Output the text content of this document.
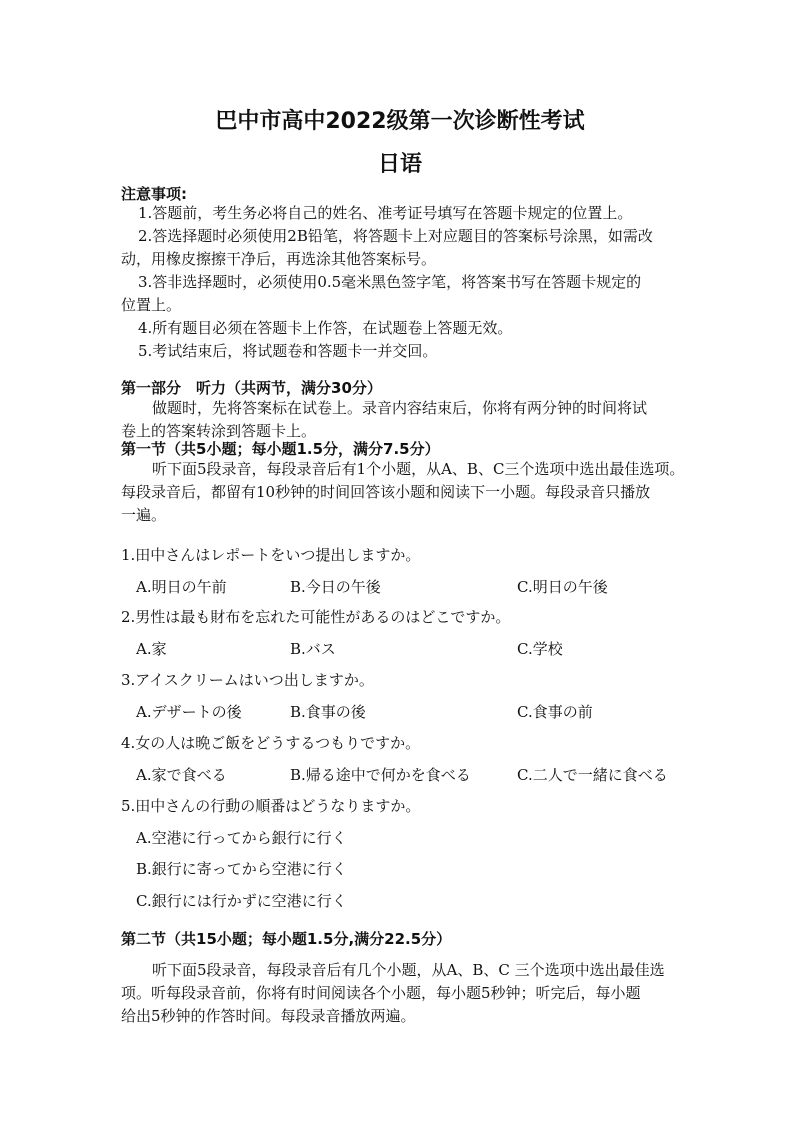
巴中市高中2022级第一次诊断性考试
日语
注意事项:
1.答题前，考生务必将自己的姓名、准考证号填写在答题卡规定的位置上。
2.答选择题时必须使用2B铅笔，将答题卡上对应题目的答案标号涂黑，如需改
动，用橡皮擦擦干净后，再选涂其他答案标号。
3.答非选择题时，必须使用0.5毫米黑色签字笔，将答案书写在答题卡规定的
位置上。
4.所有题目必须在答题卡上作答，在试题卷上答题无效。
5.考试结束后，将试题卷和答题卡一并交回。
第一部分　听力（共两节，满分30分）
做题时，先将答案标在试卷上。录音内容结束后，你将有两分钟的时间将试
卷上的答案转涂到答题卡上。
第一节（共5小题；每小题1.5分，满分7.5分）
听下面5段录音，每段录音后有1个小题，从A、B、C三个选项中选出最佳选项。
每段录音后，都留有10秒钟的时间回答该小题和阅读下一小题。每段录音只播放
一遍。
1.田中さんはレポートをいつ提出しますか。
A.明日の午前	B.今日の午後	C.明日の午後
2.男性は最も財布を忘れた可能性があるのはどこですか。
A.家	B.バス	C.学校
3.アイスクリームはいつ出しますか。
A.デザートの後	B.食事の後	C.食事の前
4.女の人は晩ご飯をどうするつもりですか。
A.家で食べる	B.帰る途中で何かを食べる	C.二人で一緒に食べる
5.田中さんの行動の順番はどうなりますか。
A.空港に行ってから銀行に行く
B.銀行に寄ってから空港に行く
C.銀行には行かずに空港に行く
第二节（共15小题；每小题1.5分,满分22.5分）
听下面5段录音，每段录音后有几个小题，从A、B、C 三个选项中选出最佳选
项。听每段录音前，你将有时间阅读各个小题，每小题5秒钟；听完后，每小题
给出5秒钟的作答时间。每段录音播放两遍。
